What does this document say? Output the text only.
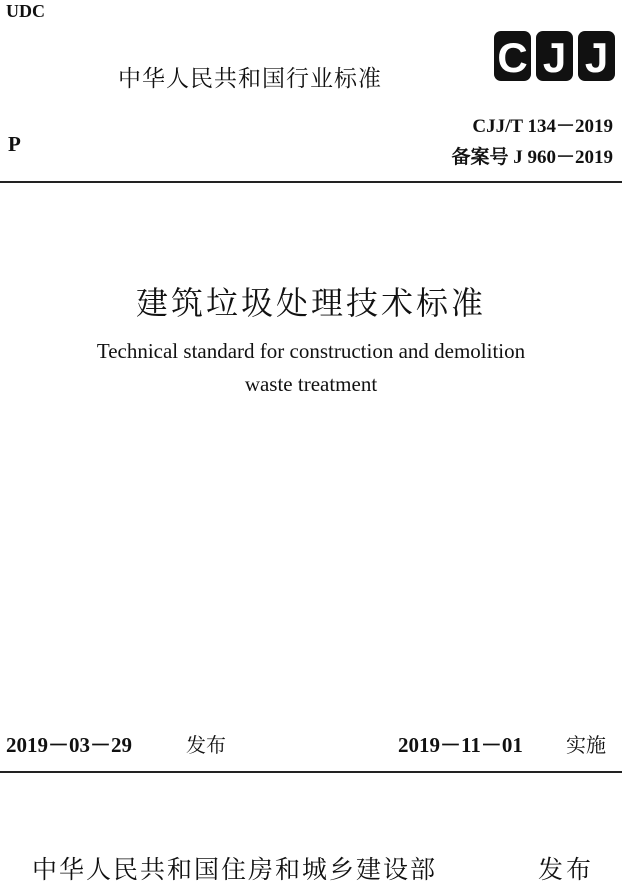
UDC
P
中华人民共和国行业标准	C J J
CJJ/T 134－2019
备案号 J 960－2019
建筑垃圾处理技术标准
Technical standard for construction and demolition
waste treatment
2019－03－29	发布	2019－11－01 实施
中华人民共和国住房和城乡建设部	发布
